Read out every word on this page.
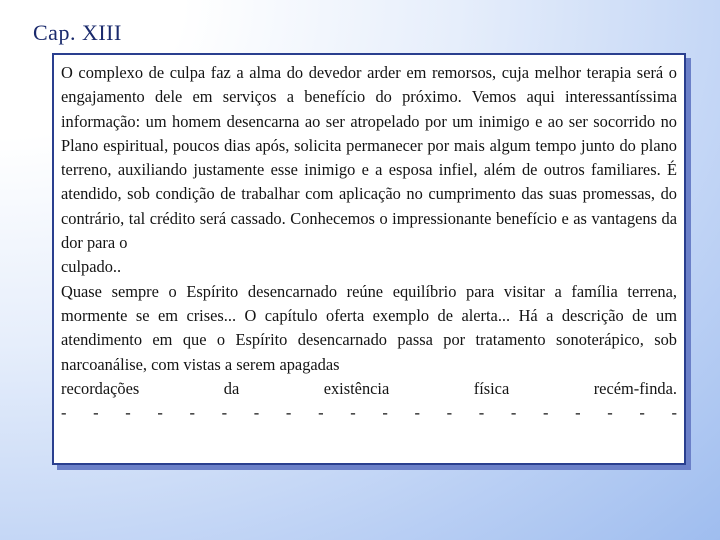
Cap. XIII
O complexo de culpa faz a alma do devedor arder em remorsos, cuja melhor terapia será o engajamento dele em serviços a benefício do próximo. Vemos aqui interessantíssima informação: um homem desencarna ao ser atropelado por um inimigo e ao ser socorrido no Plano espiritual, poucos dias após, solicita permanecer por mais algum tempo junto do plano terreno, auxiliando justamente esse inimigo e a esposa infiel, além de outros familiares. É atendido, sob condição de trabalhar com aplicação no cumprimento das suas promessas, do contrário, tal crédito será cassado. Conhecemos o impressionante benefício e as vantagens da dor para o
culpado..
Quase sempre o Espírito desencarnado reúne equilíbrio para visitar a família terrena, mormente se em crises... O capítulo oferta exemplo de alerta... Há a descrição de um atendimento em que o Espírito desencarnado passa por tratamento sonoterápico, sob narcoanálise, com vistas a serem apagadas
recordações da existência física recém-finda.
- - - - - - - - - - - - - - - - - - - -
